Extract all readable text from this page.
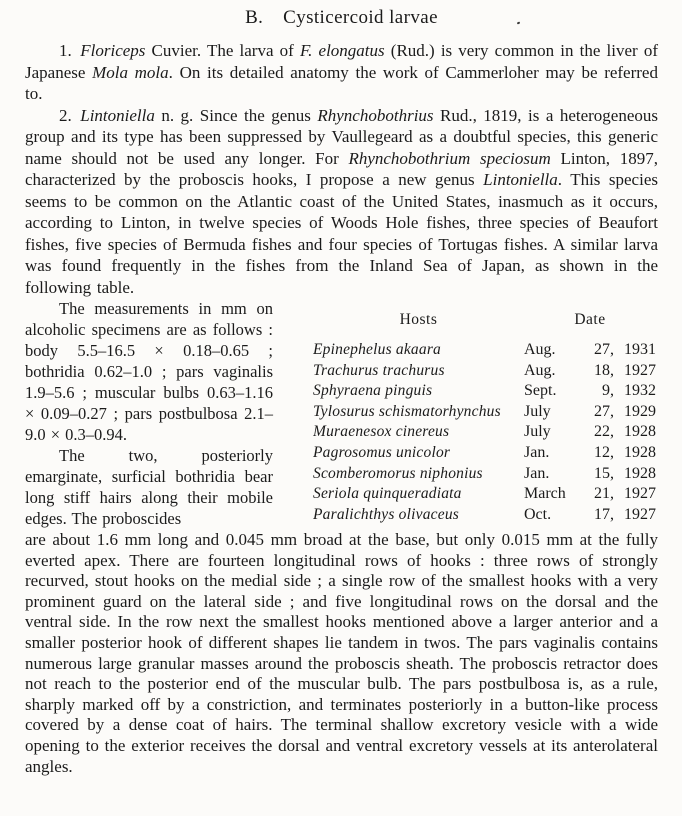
B.  Cysticercoid larvae

1. Floriceps Cuvier. The larva of F. elongatus (Rud.) is very common in the liver of Japanese Mola mola. On its detailed anatomy the work of Cammerloher may be referred to.

2. Lintoniella n. g. Since the genus Rhynchobothrius Rud., 1819, is a heterogeneous group and its type has been suppressed by Vaullegeard as a doubtful species, this generic name should not be used any longer. For Rhynchobothrium speciosum Linton, 1897, characterized by the proboscis hooks, I propose a new genus Lintoniella. This species seems to be common on the Atlantic coast of the United States, inasmuch as it occurs, according to Linton, in twelve species of Woods Hole fishes, three species of Beaufort fishes, five species of Bermuda fishes and four species of Tortugas fishes. A similar larva was found frequently in the fishes from the Inland Sea of Japan, as shown in the following table.

The measurements in mm on alcoholic specimens are as follows : body 5.5–16.5 × 0.18–0.65 ; bothridia 0.62–1.0 ; pars vaginalis 1.9–5.6 ; muscular bulbs 0.63–1.16 × 0.09–0.27 ; pars postbulbosa 2.1–9.0 × 0.3–0.94.

The two, posteriorly emarginate, surficial bothridia bear long stiff hairs along their mobile edges. The proboscides

Hosts	Date
Epinephelus akaara	Aug.	27, 1931
Trachurus trachurus	Aug.	18, 1927
Sphyraena pinguis	Sept.	9, 1932
Tylosurus schismatorhynchus	July	27, 1929
Muraenesox cinereus	July	22, 1928
Pagrosomus unicolor	Jan.	12, 1928
Scomberomorus niphonius	Jan.	15, 1928
Seriola quinqueradiata	March	21, 1927
Paralichthys olivaceus	Oct.	17, 1927

are about 1.6 mm long and 0.045 mm broad at the base, but only 0.015 mm at the fully everted apex. There are fourteen longitudinal rows of hooks : three rows of strongly recurved, stout hooks on the medial side ; a single row of the smallest hooks with a very prominent guard on the lateral side ; and five longitudinal rows on the dorsal and the ventral side. In the row next the smallest hooks mentioned above a larger anterior and a smaller posterior hook of different shapes lie tandem in twos. The pars vaginalis contains numerous large granular masses around the proboscis sheath. The proboscis retractor does not reach to the posterior end of the muscular bulb. The pars postbulbosa is, as a rule, sharply marked off by a constriction, and terminates posteriorly in a button-like process covered by a dense coat of hairs. The terminal shallow excretory vesicle with a wide opening to the exterior receives the dorsal and ventral excretory vessels at its anterolateral angles.
